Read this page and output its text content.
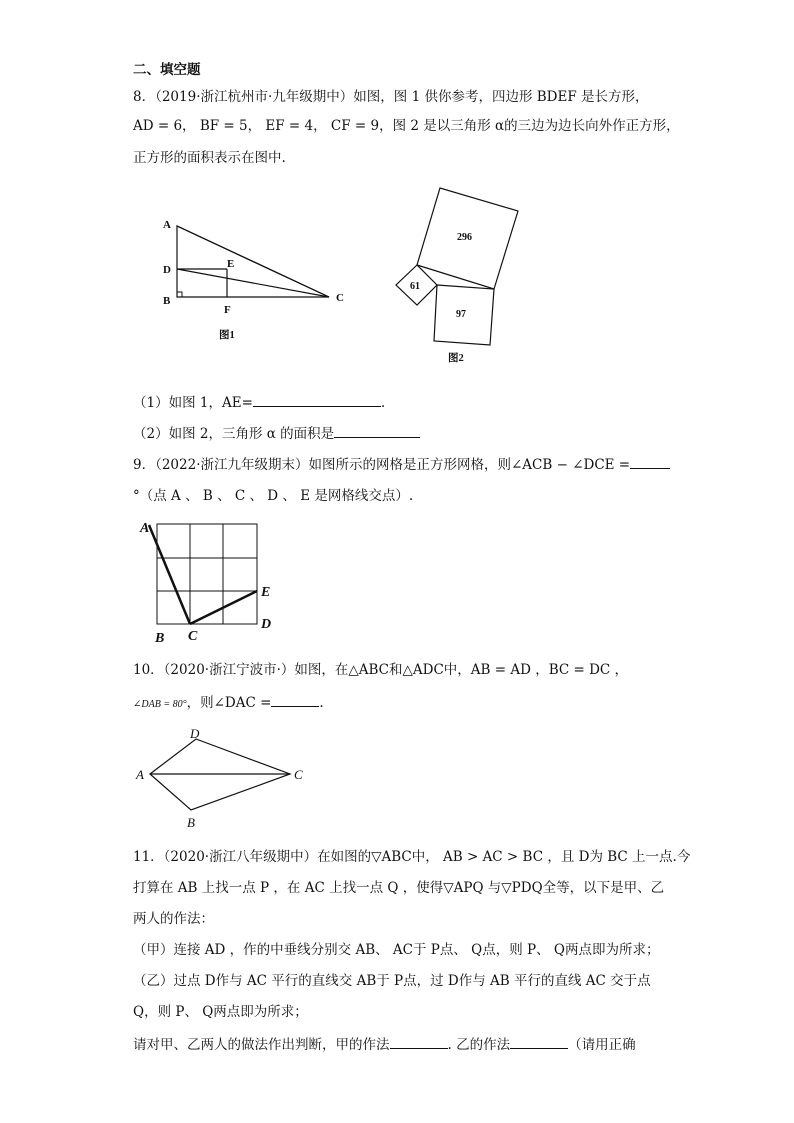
二、填空题
8．（2019·浙江杭州市·九年级期中）如图，图 1 供你参考，四边形 BDEF 是长方形，
AD = 6， BF = 5， EF = 4， CF = 9，图 2 是以三角形 α的三边为边长向外作正方形，
正方形的面积表示在图中.
A
D
B
E
F
C
图1
296
61
97
图2
（1）如图 1，AE=	.
（2）如图 2，三角形 α 的面积是
9．（2022·浙江九年级期末）如图所示的网格是正方形网格，则∠ACB − ∠DCE =
°（点 A 、 B 、 C 、 D 、 E 是网格线交点）.
A
B C
D
E
10．（2020·浙江宁波市·）如图，在△ABC和△ADC中，AB = AD ，BC = DC ，
∠DAB = 80°，则∠DAC =	.
D
A	C
B
11．（2020·浙江八年级期中）在如图的▽ABC中， AB > AC > BC ，且 D为 BC 上一点.今
打算在 AB 上找一点 P ，在 AC 上找一点 Q ，使得▽APQ 与▽PDQ全等，以下是甲、乙
两人的作法：
（甲）连接 AD ，作的中垂线分别交 AB、 AC于 P点、 Q点，则 P、 Q两点即为所求；
（乙）过点 D作与 AC 平行的直线交 AB于 P点，过 D作与 AB 平行的直线 AC 交于点
Q，则 P、 Q两点即为所求；
请对甲、乙两人的做法作出判断，甲的作法	. 乙的作法	（请用正确
